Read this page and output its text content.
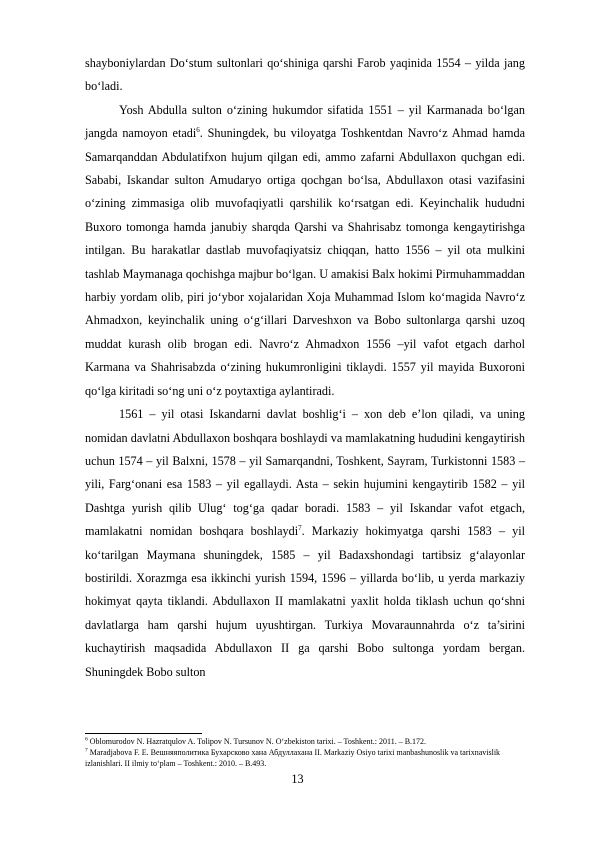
shayboniylardan Do‘stum sultonlari qo‘shiniga qarshi Farob yaqinida 1554 – yilda jang bo‘ladi.

Yosh Abdulla sulton o‘zining hukumdor sifatida 1551 – yil Karmanada bo‘lgan jangda namoyon etadi$^6$. Shuningdek, bu viloyatga Toshkentdan Navro‘z Ahmad hamda Samarqanddan Abdulatifxon hujum qilgan edi, ammo zafarni Abdullaxon quchgan edi. Sababi, Iskandar sulton Amudaryo ortiga qochgan bo‘lsa, Abdullaxon otasi vazifasini o‘zining zimmasiga olib muvofaqiyatli qarshilik ko‘rsatgan edi. Keyinchalik hududni Buxoro tomonga hamda janubiy sharqda Qarshi va Shahrisabz tomonga kengaytirishga intilgan. Bu harakatlar dastlab muvofaqiyatsiz chiqqan, hatto 1556 – yil ota mulkini tashlab Maymanaga qochishga majbur bo‘lgan. U amakisi Balx hokimi Pirmuhammaddan harbiy yordam olib, piri jo‘ybor xojalaridan Xoja Muhammad Islom ko‘magida Navro‘z Ahmadxon, keyinchalik uning o‘g‘illari Darveshxon va Bobo sultonlarga qarshi uzoq muddat kurash olib brogan edi. Navro‘z Ahmadxon 1556 –yil vafot etgach darhol Karmana va Shahrisabzda o‘zining hukumronligini tiklaydi. 1557 yil mayida Buxoroni qo‘lga kiritadi so‘ng uni o‘z poytaxtiga aylantiradi.

1561 – yil otasi Iskandarni davlat boshlig‘i – xon deb e’lon qiladi, va uning nomidan davlatni Abdullaxon boshqara boshlaydi va mamlakatning hududini kengaytirish uchun 1574 – yil Balxni, 1578 – yil Samarqandni, Toshkent, Sayram, Turkistonni 1583 – yili, Farg‘onani esa 1583 – yil egallaydi. Asta – sekin hujumini kengaytirib 1582 – yil Dashtga yurish qilib Ulug‘ tog‘ga qadar boradi. 1583 – yil Iskandar vafot etgach, mamlakatni nomidan boshqara boshlaydi$^7$. Markaziy hokimyatga qarshi 1583 – yil ko‘tarilgan Maymana shuningdek, 1585 – yil Badaxshondagi tartibsiz g‘alayonlar bostirildi. Xorazmga esa ikkinchi yurish 1594, 1596 – yillarda bo‘lib, u yerda markaziy hokimyat qayta tiklandi. Abdullaxon II mamlakatni yaxlit holda tiklash uchun qo‘shni davlatlarga ham qarshi hujum uyushtirgan. Turkiya Movaraunnahrda o‘z ta’sirini kuchaytirish maqsadida Abdullaxon II ga qarshi Bobo sultonga yordam bergan. Shuningdek Bobo sulton

$^6$ Oblomurodov N. Hazratqulov A. Tolipov N. Tursunov N. O‘zbekiston tarixi. – Toshkent.: 2011. – B.172.

$^7$ Maradjabova F. E. Вешняяполитика Бухарсково хана Абдуллахана II. Markaziy Osiyo tarixi manbashunoslik va tarixnavislik izlanishlari. II ilmiy to‘plam – Toshkent.: 2010. – B.493.

13
